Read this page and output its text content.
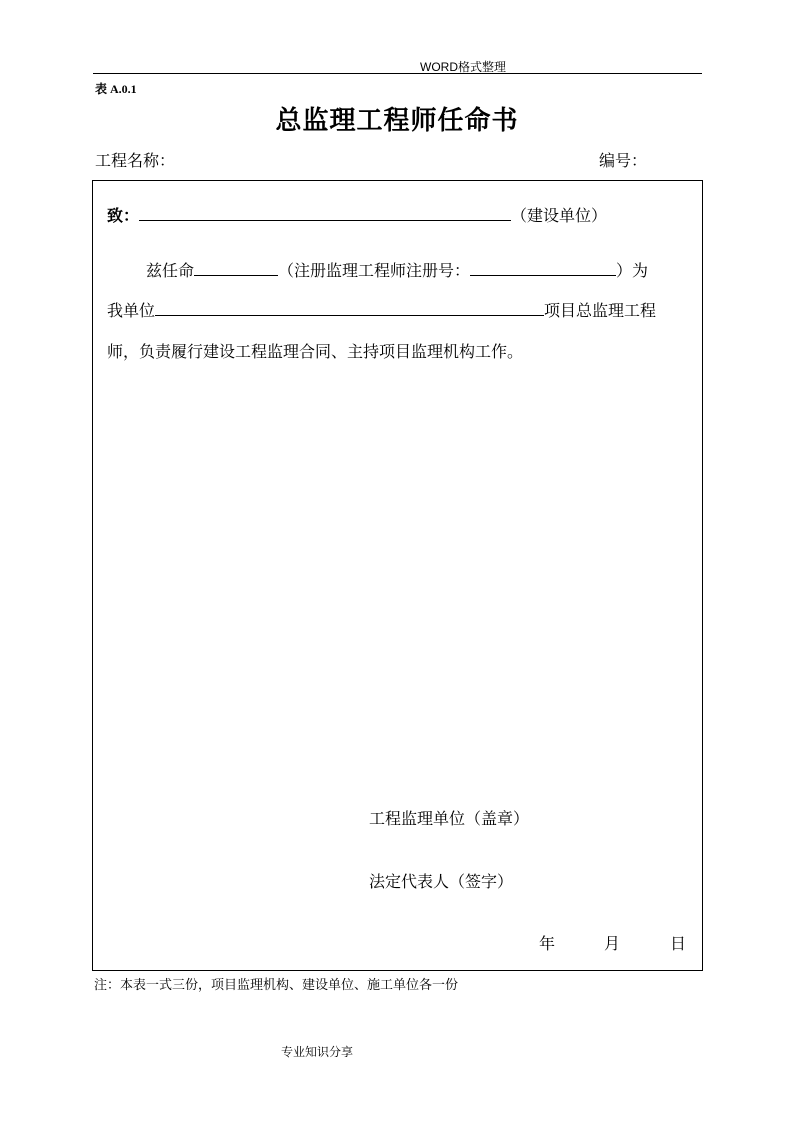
WORD格式整理
表 A.0.1
总监理工程师任命书
工程名称：	编号：
致：	（建设单位）
兹任命	（注册监理工程师注册号：	）为
我单位	项目总监理工程
师，负责履行建设工程监理合同、主持项目监理机构工作。
工程监理单位（盖章）
法定代表人（签字）
年	月	日
注：本表一式三份，项目监理机构、建设单位、施工单位各一份
专业知识分享
